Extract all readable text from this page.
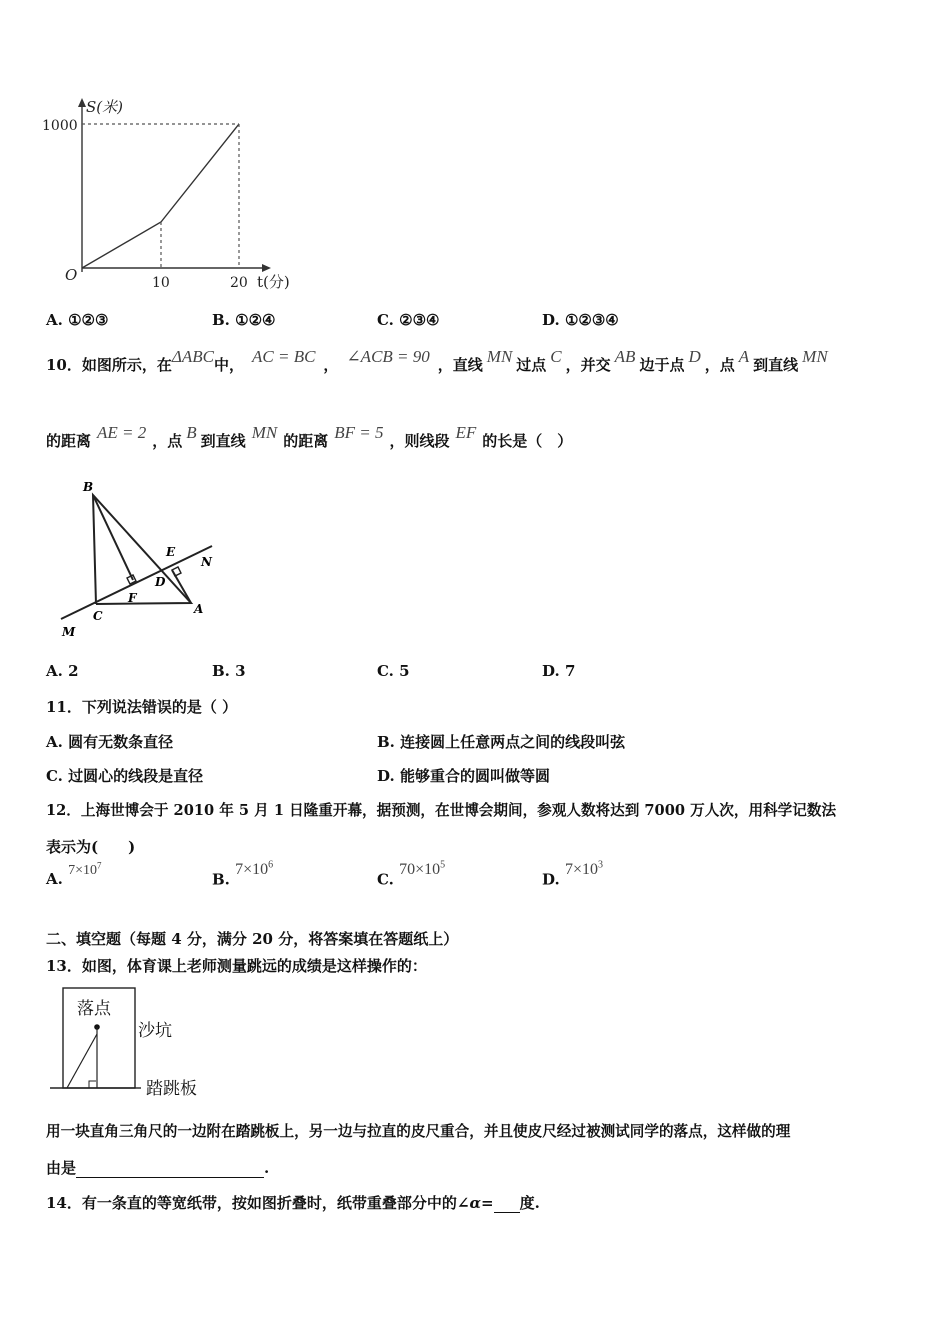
S(米)
1000
O	10	20 t(分)
A. ①②③	B. ①②④	C. ②③④	D. ①②③④
10．如图所示，在ΔABC中， AC = BC ， ∠ACB = 90 ，直线 MN 过点 C ，并交 AB 边于点 D ，点 A 到直线 MN
的距离 AE = 2 ，点 B 到直线 MN 的距离 BF = 5 ，则线段 EF 的长是（　）
B
E
N
D
F
C	A
M
A. 2	B. 3	C. 5	D. 7
11．下列说法错误的是（ ）
A. 圆有无数条直径	B. 连接圆上任意两点之间的线段叫弦
C. 过圆心的线段是直径	D. 能够重合的圆叫做等圆
12．上海世博会于 2010 年 5 月 1 日隆重开幕，据预测，在世博会期间，参观人数将达到 7000 万人次，用科学记数法
表示为(　　)
A. $7\times 10^7$
B. $7\times 10^6$
C. $70\times 10^5$
D. $7\times 10^3$
二、填空题（每题 4 分，满分 20 分，将答案填在答题纸上）
13．如图，体育课上老师测量跳远的成绩是这样操作的：
落点
沙坑
踏跳板
用一块直角三角尺的一边附在踏跳板上，另一边与拉直的皮尺重合，并且使皮尺经过被测试同学的落点，这样做的理
由是	.
14．有一条直的等宽纸带，按如图折叠时，纸带重叠部分中的∠α= 度.
